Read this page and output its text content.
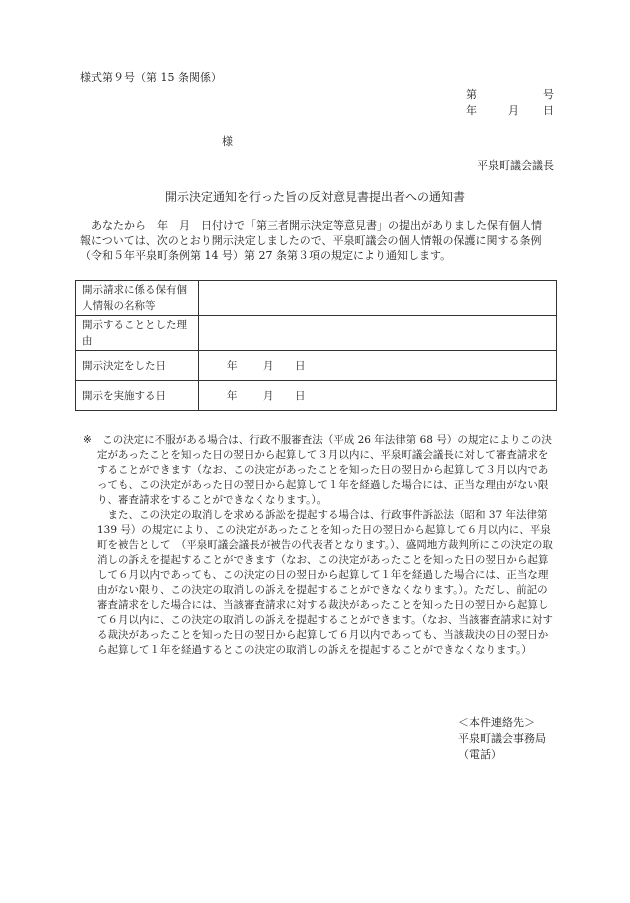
様式第９号（第 15 条関係）
第	号
年	月 日
様
平泉町議会議長
開示決定通知を行った旨の反対意見書提出者への通知書

あなたから　年　月　日付けで「第三者開示決定等意見書」の提出がありました保有個人情報については、次のとおり開示決定しましたので、平泉町議会の個人情報の保護に関する条例（令和５年平泉町条例第 14 号）第 27 条第３項の規定により通知します。

開示請求に係る保有個人情報の名称等	
開示することとした理由	
開示決定をした日	年 月 日
開示を実施する日	年 月 日
※ この決定に不服がある場合は、行政不服審査法（平成 26 年法律第 68 号）の規定によりこの決定があったことを知った日の翌日から起算して３月以内に、平泉町議会議長に対して審査請求をすることができます（なお、この決定があったことを知った日の翌日から起算して３月以内であっても、この決定があった日の翌日から起算して１年を経過した場合には、正当な理由がない限り、審査請求をすることができなくなります。）。

また、この決定の取消しを求める訴訟を提起する場合は、行政事件訴訟法（昭和 37 年法律第 139 号）の規定により、この決定があったことを知った日の翌日から起算して６月以内に、平泉町を被告として　（平泉町議会議長が被告の代表者となります。）、盛岡地方裁判所にこの決定の取消しの訴えを提起することができます（なお、この決定があったことを知った日の翌日から起算して６月以内であっても、この決定の日の翌日から起算して１年を経過した場合には、正当な理由がない限り、この決定の取消しの訴えを提起することができなくなります。）。ただし、前記の審査請求をした場合には、当該審査請求に対する裁決があったことを知った日の翌日から起算して６月以内に、この決定の取消しの訴えを提起することができます。（なお、当該審査請求に対する裁決があったことを知った日の翌日から起算して６月以内であっても、当該裁決の日の翌日から起算して１年を経過するとこの決定の取消しの訴えを提起することができなくなります。）

＜本件連絡先＞
平泉町議会事務局
（電話）
